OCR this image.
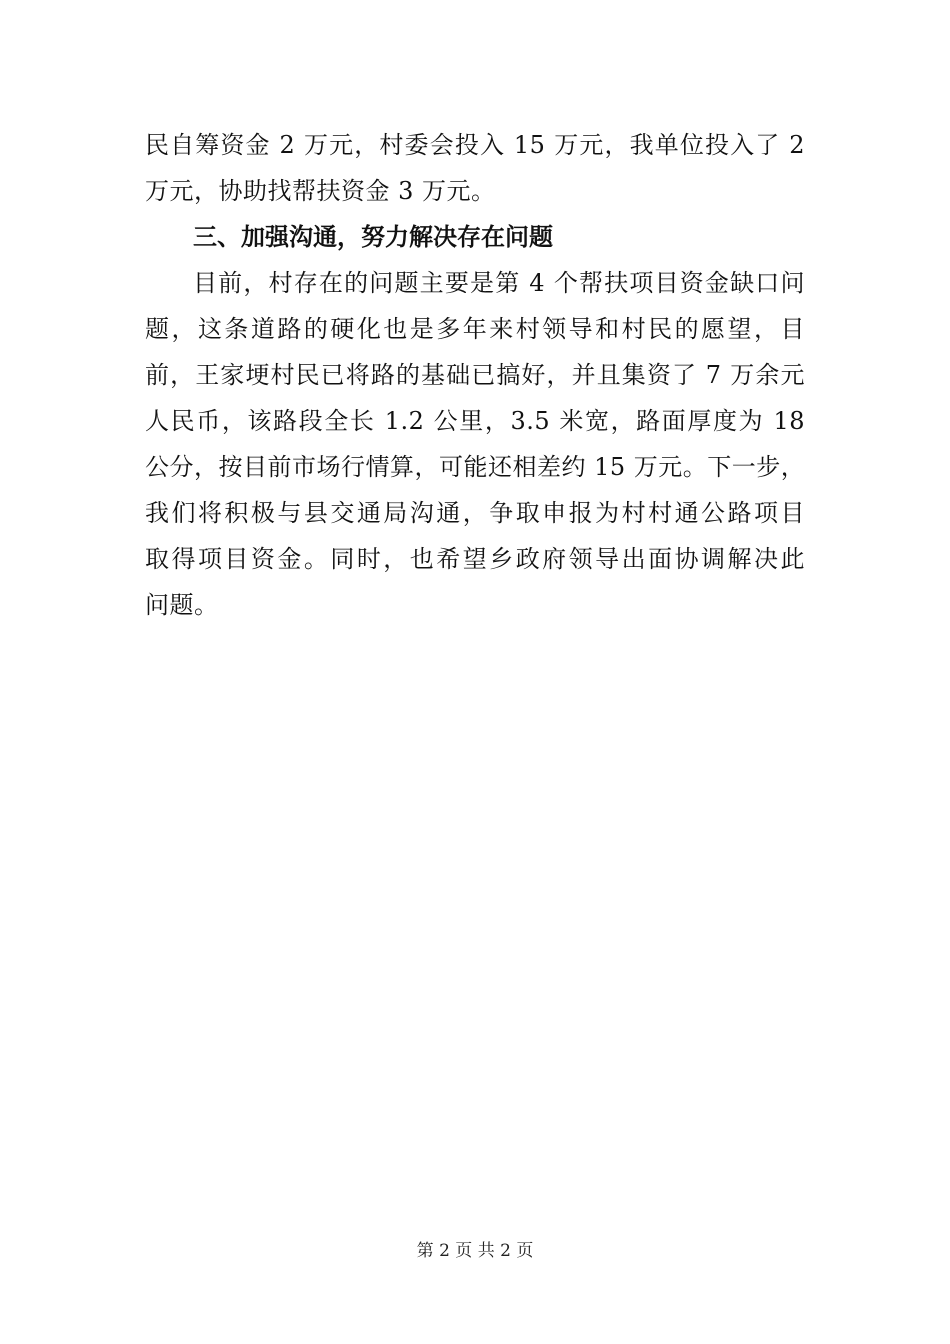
民自筹资金 2 万元，村委会投入 15 万元，我单位投入了 2
万元，协助找帮扶资金 3 万元。
三、加强沟通，努力解决存在问题
目前，村存在的问题主要是第 4 个帮扶项目资金缺口问
题，这条道路的硬化也是多年来村领导和村民的愿望，目
前，王家埂村民已将路的基础已搞好，并且集资了 7 万余元
人民币，该路段全长 1.2 公里，3.5 米宽，路面厚度为 18
公分，按目前市场行情算，可能还相差约 15 万元。下一步，
我们将积极与县交通局沟通，争取申报为村村通公路项目
取得项目资金。同时，也希望乡政府领导出面协调解决此
问题。
第 2 页 共 2 页
